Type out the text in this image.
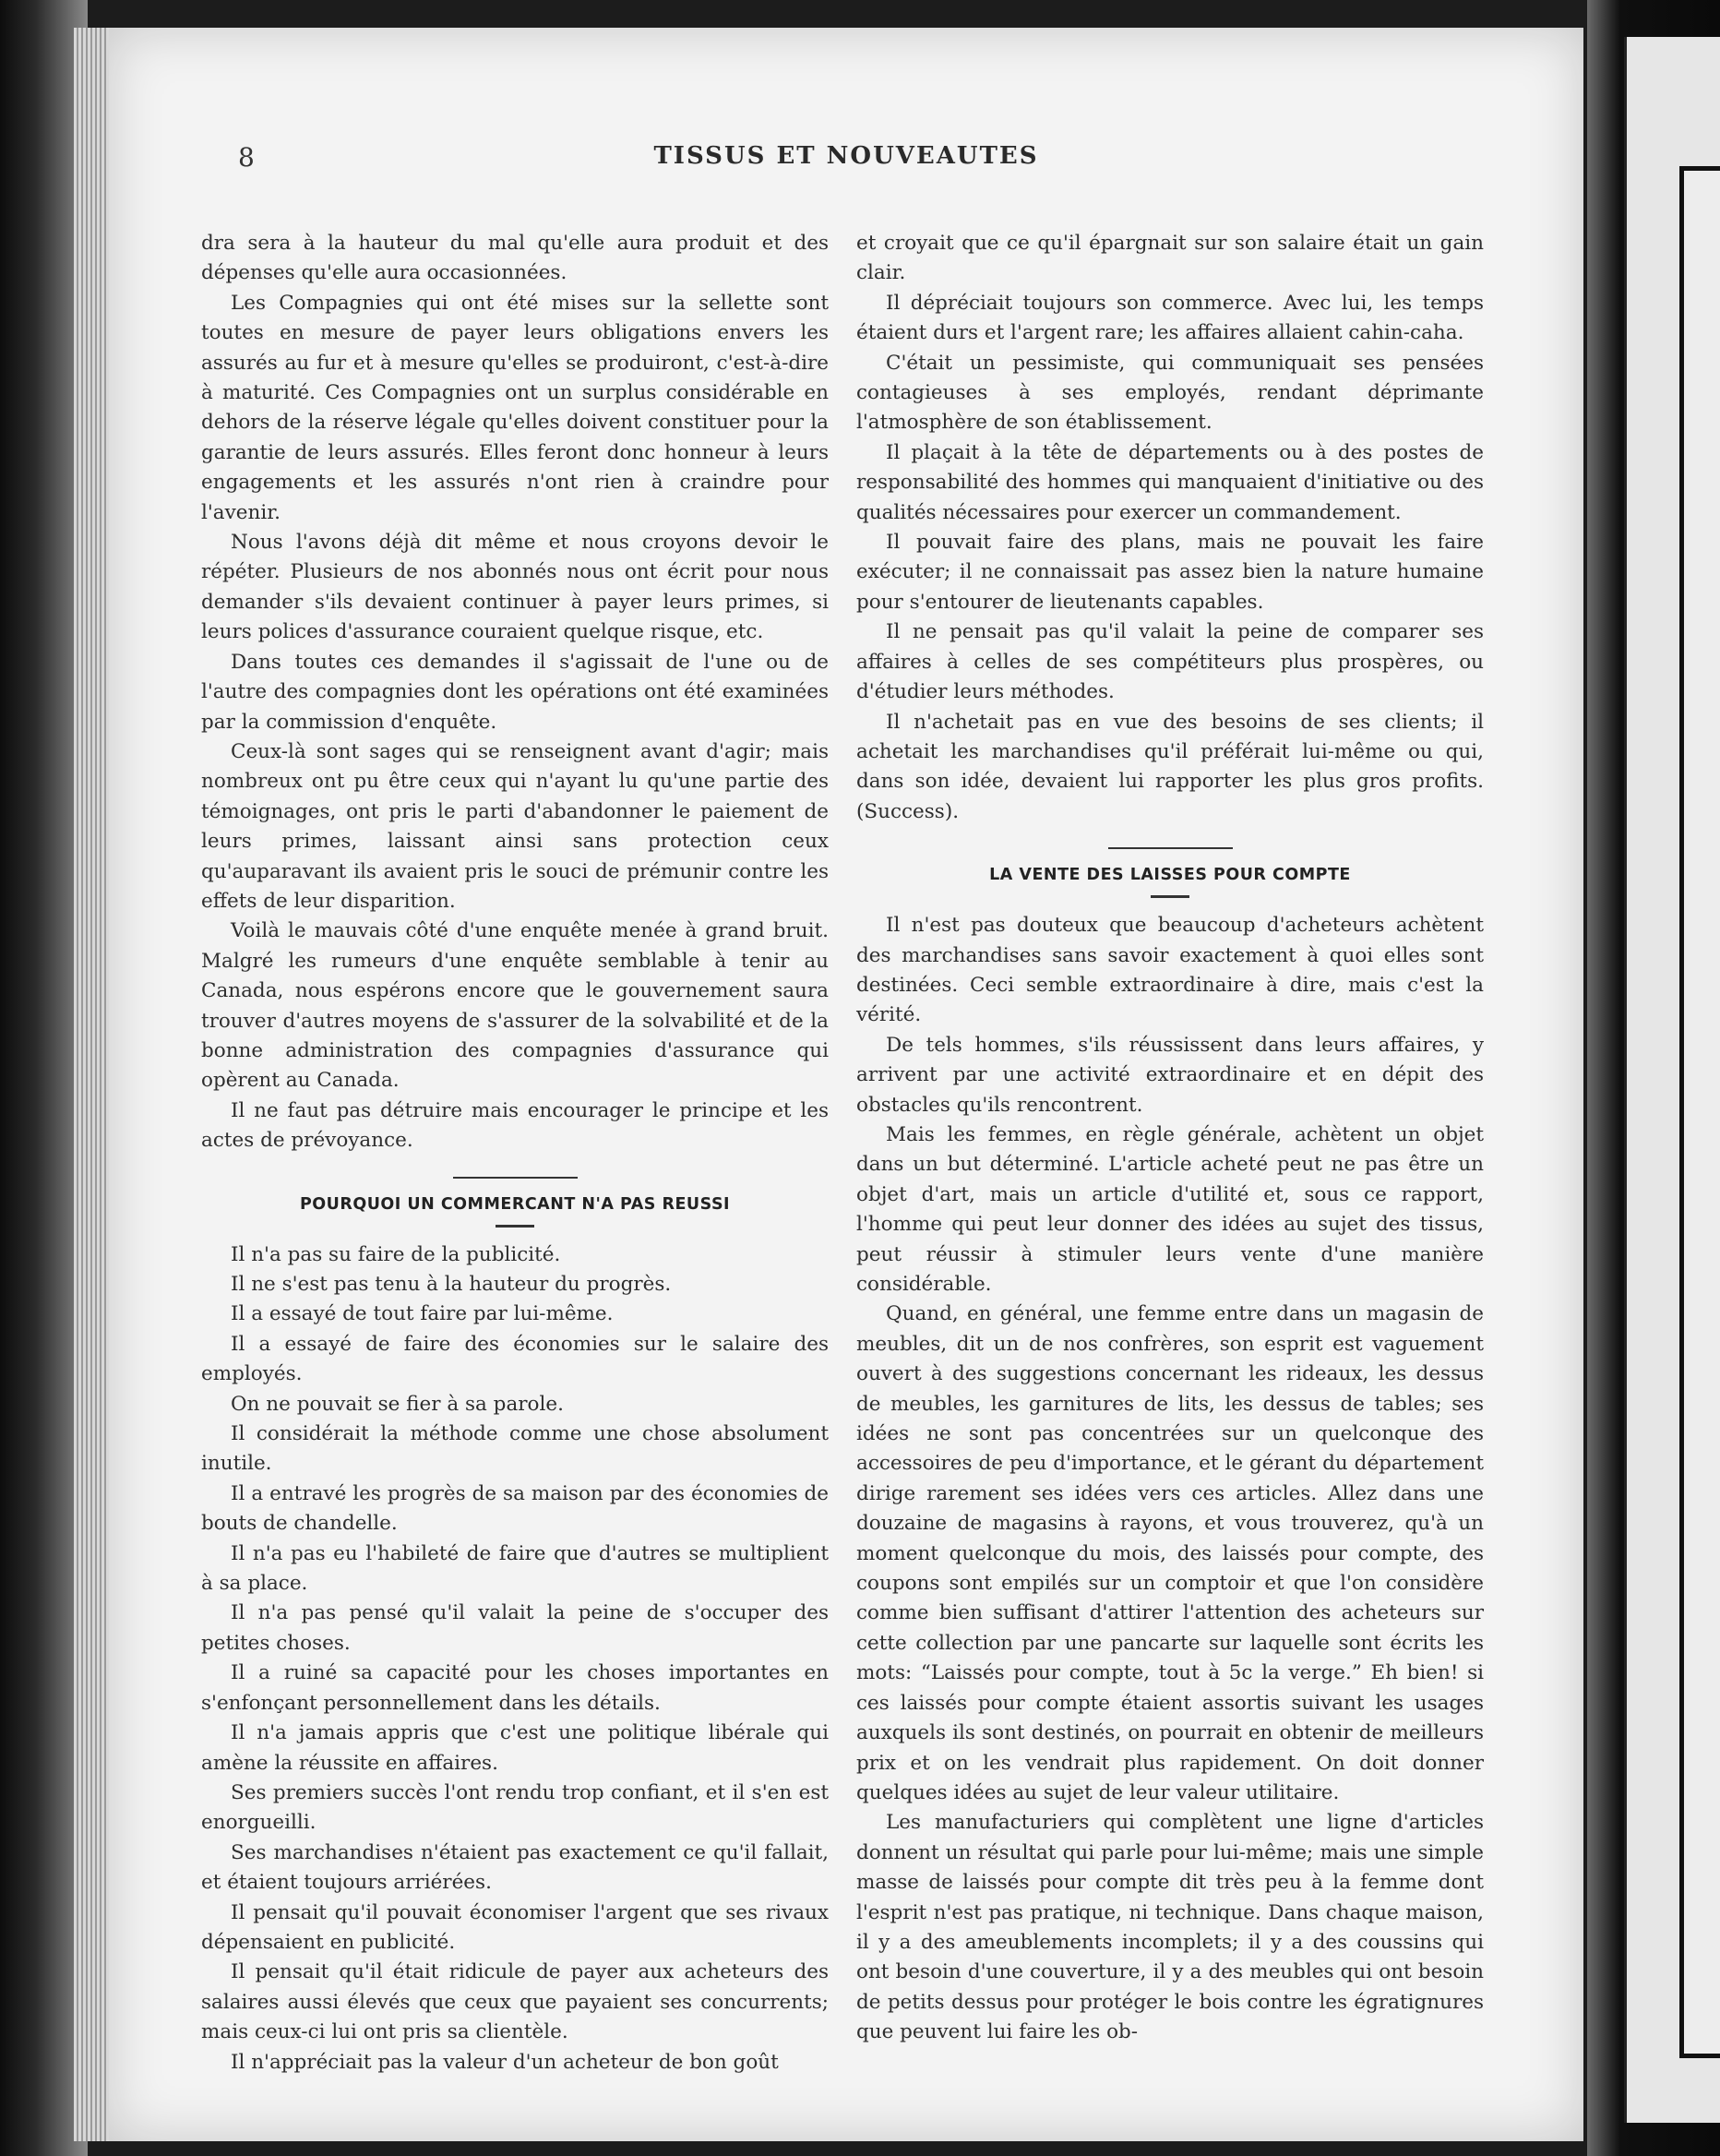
8	TISSUS ET NOUVEAUTES

dra sera à la hauteur du mal qu'elle aura produit et des dépenses qu'elle aura occasionnées.

Les Compagnies qui ont été mises sur la sellette sont toutes en mesure de payer leurs obligations envers les assurés au fur et à mesure qu'elles se produiront, c'est-à-dire à maturité. Ces Compagnies ont un surplus considérable en dehors de la réserve légale qu'elles doivent constituer pour la garantie de leurs assurés. Elles feront donc honneur à leurs engagements et les assurés n'ont rien à craindre pour l'avenir.

Nous l'avons déjà dit même et nous croyons devoir le répéter. Plusieurs de nos abonnés nous ont écrit pour nous demander s'ils devaient continuer à payer leurs primes, si leurs polices d'assurance couraient quelque risque, etc.

Dans toutes ces demandes il s'agissait de l'une ou de l'autre des compagnies dont les opérations ont été examinées par la commission d'enquête.

Ceux-là sont sages qui se renseignent avant d'agir; mais nombreux ont pu être ceux qui n'ayant lu qu'une partie des témoignages, ont pris le parti d'abandonner le paiement de leurs primes, laissant ainsi sans protection ceux qu'auparavant ils avaient pris le souci de prémunir contre les effets de leur disparition.

Voilà le mauvais côté d'une enquête menée à grand bruit. Malgré les rumeurs d'une enquête semblable à tenir au Canada, nous espérons encore que le gouvernement saura trouver d'autres moyens de s'assurer de la solvabilité et de la bonne administration des compagnies d'assurance qui opèrent au Canada.

Il ne faut pas détruire mais encourager le principe et les actes de prévoyance.

POURQUOI UN COMMERCANT N'A PAS REUSSI

Il n'a pas su faire de la publicité.

Il ne s'est pas tenu à la hauteur du progrès.

Il a essayé de tout faire par lui-même.

Il a essayé de faire des économies sur le salaire des employés.

On ne pouvait se fier à sa parole.

Il considérait la méthode comme une chose absolument inutile.

Il a entravé les progrès de sa maison par des économies de bouts de chandelle.

Il n'a pas eu l'habileté de faire que d'autres se multiplient à sa place.

Il n'a pas pensé qu'il valait la peine de s'occuper des petites choses.

Il a ruiné sa capacité pour les choses importantes en s'enfonçant personnellement dans les détails.

Il n'a jamais appris que c'est une politique libérale qui amène la réussite en affaires.

Ses premiers succès l'ont rendu trop confiant, et il s'en est enorgueilli.

Ses marchandises n'étaient pas exactement ce qu'il fallait, et étaient toujours arriérées.

Il pensait qu'il pouvait économiser l'argent que ses rivaux dépensaient en publicité.

Il pensait qu'il était ridicule de payer aux acheteurs des salaires aussi élevés que ceux que payaient ses concurrents; mais ceux-ci lui ont pris sa clientèle.

Il n'appréciait pas la valeur d'un acheteur de bon goût

et croyait que ce qu'il épargnait sur son salaire était un gain clair.

Il dépréciait toujours son commerce. Avec lui, les temps étaient durs et l'argent rare; les affaires allaient cahin-caha.

C'était un pessimiste, qui communiquait ses pensées contagieuses à ses employés, rendant déprimante l'atmosphère de son établissement.

Il plaçait à la tête de départements ou à des postes de responsabilité des hommes qui manquaient d'initiative ou des qualités nécessaires pour exercer un commandement.

Il pouvait faire des plans, mais ne pouvait les faire exécuter; il ne connaissait pas assez bien la nature humaine pour s'entourer de lieutenants capables.

Il ne pensait pas qu'il valait la peine de comparer ses affaires à celles de ses compétiteurs plus prospères, ou d'étudier leurs méthodes.

Il n'achetait pas en vue des besoins de ses clients; il achetait les marchandises qu'il préférait lui-même ou qui, dans son idée, devaient lui rapporter les plus gros profits. (Success).

LA VENTE DES LAISSES POUR COMPTE

Il n'est pas douteux que beaucoup d'acheteurs achètent des marchandises sans savoir exactement à quoi elles sont destinées. Ceci semble extraordinaire à dire, mais c'est la vérité.

De tels hommes, s'ils réussissent dans leurs affaires, y arrivent par une activité extraordinaire et en dépit des obstacles qu'ils rencontrent.

Mais les femmes, en règle générale, achètent un objet dans un but déterminé. L'article acheté peut ne pas être un objet d'art, mais un article d'utilité et, sous ce rapport, l'homme qui peut leur donner des idées au sujet des tissus, peut réussir à stimuler leurs vente d'une manière considérable.

Quand, en général, une femme entre dans un magasin de meubles, dit un de nos confrères, son esprit est vaguement ouvert à des suggestions concernant les rideaux, les dessus de meubles, les garnitures de lits, les dessus de tables; ses idées ne sont pas concentrées sur un quelconque des accessoires de peu d'importance, et le gérant du département dirige rarement ses idées vers ces articles. Allez dans une douzaine de magasins à rayons, et vous trouverez, qu'à un moment quelconque du mois, des laissés pour compte, des coupons sont empilés sur un comptoir et que l'on considère comme bien suffisant d'attirer l'attention des acheteurs sur cette collection par une pancarte sur laquelle sont écrits les mots: “Laissés pour compte, tout à 5c la verge.” Eh bien! si ces laissés pour compte étaient assortis suivant les usages auxquels ils sont destinés, on pourrait en obtenir de meilleurs prix et on les vendrait plus rapidement. On doit donner quelques idées au sujet de leur valeur utilitaire.

Les manufacturiers qui complètent une ligne d'articles donnent un résultat qui parle pour lui-même; mais une simple masse de laissés pour compte dit très peu à la femme dont l'esprit n'est pas pratique, ni technique. Dans chaque maison, il y a des ameublements incomplets; il y a des coussins qui ont besoin d'une couverture, il y a des meubles qui ont besoin de petits dessus pour protéger le bois contre les égratignures que peuvent lui faire les ob-
